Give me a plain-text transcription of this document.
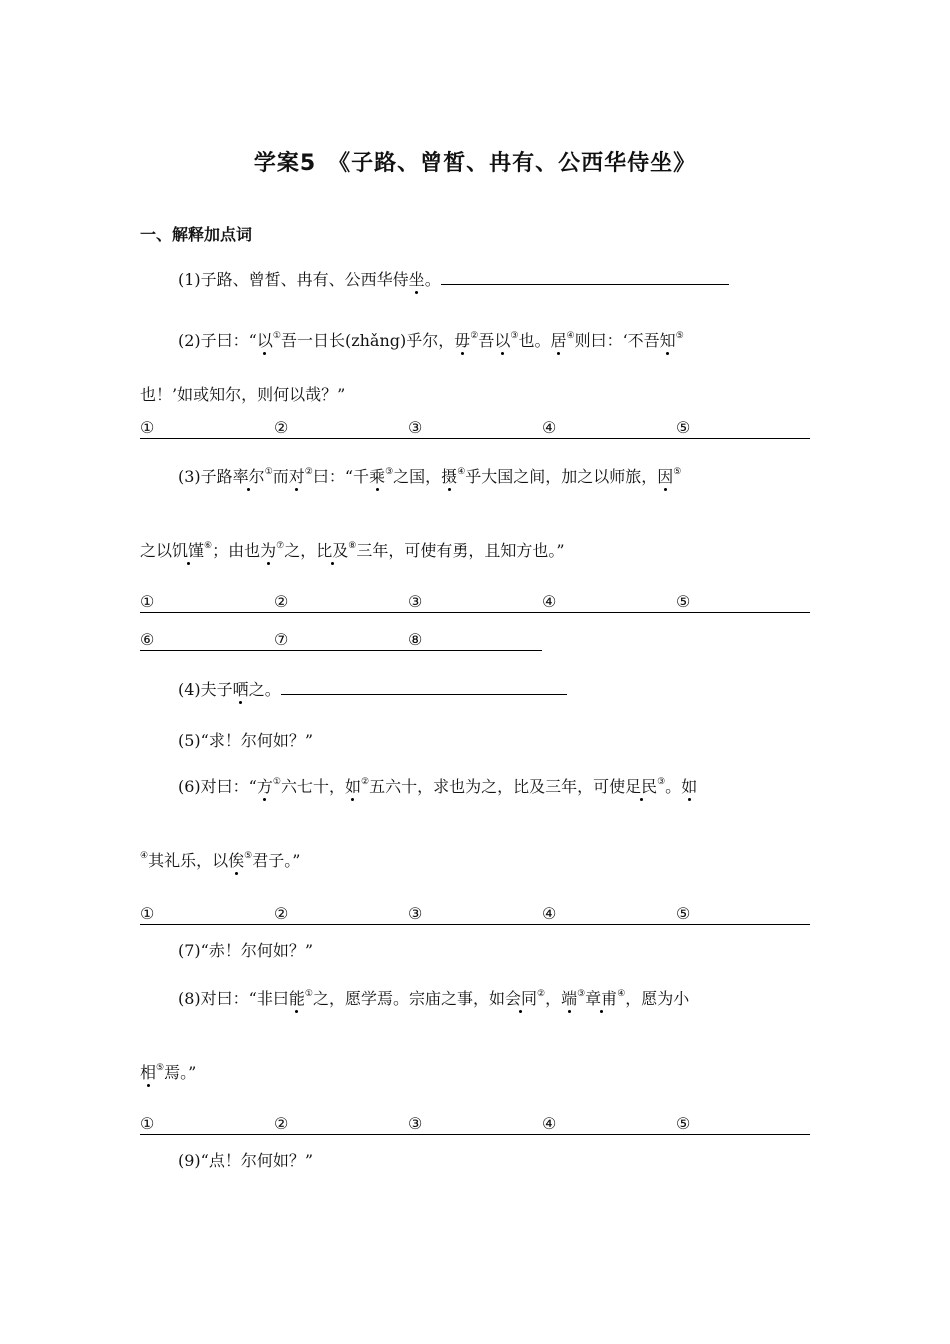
学案5　《子路、曾皙、冉有、公西华侍坐》
一、解释加点词
(1)子路、曾皙、冉有、公西华侍坐。
(2)子曰：“以①吾一日长(zhǎng)乎尔，毋②吾以③也。居④则曰：‘不吾知⑤
也！’如或知尔，则何以哉？”
①	②	③	④	⑤
(3)子路率尔①而对②曰：“千乘③之国，摄④乎大国之间，加之以师旅，因⑤
之以饥馑⑥；由也为⑦之，比及⑧三年，可使有勇，且知方也。”
①	②	③	④	⑤
⑥	⑦	⑧
(4)夫子哂之。
(5)“求！尔何如？”
(6)对曰：“方①六七十，如②五六十，求也为之，比及三年，可使足民③。如
④其礼乐，以俟⑤君子。”
①	②	③	④	⑤
(7)“赤！尔何如？”
(8)对曰：“非曰能①之，愿学焉。宗庙之事，如会同②，端③章甫④，愿为小
相⑤焉。”
①	②	③	④	⑤
(9)“点！尔何如？”
